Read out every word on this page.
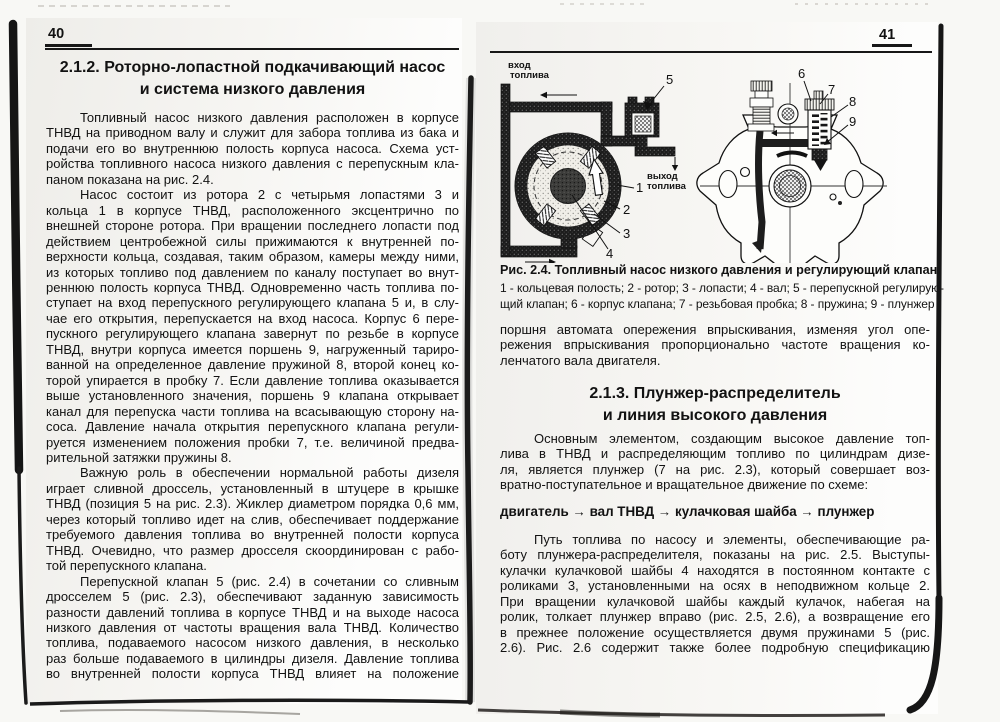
40
2.1.2. Роторно-лопастной подкачивающий насос
и система низкого давления
Топливный насос низкого давления расположен в корпусе
ТНВД на приводном валу и служит для забора топлива из бака и
подачи его во внутреннюю полость корпуса насоса. Схема уст-
ройства топливного насоса низкого давления с перепускным кла-
паном показана на рис. 2.4.
Насос состоит из ротора 2 с четырьмя лопастями 3 и
кольца 1 в корпусе ТНВД, расположенного эксцентрично по
внешней стороне ротора. При вращении последнего лопасти под
действием центробежной силы прижимаются к внутренней по-
верхности кольца, создавая, таким образом, камеры между ними,
из которых топливо под давлением по каналу поступает во внут-
реннюю полость корпуса ТНВД. Одновременно часть топлива по-
ступает на вход перепускного регулирующего клапана 5 и, в слу-
чае его открытия, перепускается на вход насоса. Корпус 6 пере-
пускного регулирующего клапана завернут по резьбе в корпусе
ТНВД, внутри корпуса имеется поршень 9, нагруженный тариро-
ванной на определенное давление пружиной 8, второй конец ко-
торой упирается в пробку 7. Если давление топлива оказывается
выше установленного значения, поршень 9 клапана открывает
канал для перепуска части топлива на всасывающую сторону на-
соса. Давление начала открытия перепускного клапана регули-
руется изменением положения пробки 7, т.е. величиной предва-
рительной затяжки пружины 8.
Важную роль в обеспечении нормальной работы дизеля
играет сливной дроссель, установленный в штуцере в крышке
ТНВД (позиция 5 на рис. 2.3). Жиклер диаметром порядка 0,6 мм,
через который топливо идет на слив, обеспечивает поддержание
требуемого давления топлива во внутренней полости корпуса
ТНВД. Очевидно, что размер дросселя скоординирован с рабо-
той перепускного клапана.
Перепускной клапан 5 (рис. 2.4) в сочетании со сливным
дросселем 5 (рис. 2.3), обеспечивают заданную зависимость
разности давлений топлива в корпусе ТНВД и на выходе насоса
низкого давления от частоты вращения вала ТНВД. Количество
топлива, подаваемого насосом низкого давления, в несколько
раз больше подаваемого в цилиндры дизеля. Давление топлива
во внутренней полости корпуса ТНВД влияет на положение
41
1
2
3
4
5
вход
топлива
выход
топлива
6
7
8
9
Рис. 2.4. Топливный насос низкого давления и регулирующий клапан:
1 - кольцевая полость; 2 - ротор; 3 - лопасти; 4 - вал; 5 - перепускной регулирую-
щий клапан; 6 - корпус клапана; 7 - резьбовая пробка; 8 - пружина; 9 - плунжер
поршня автомата опережения впрыскивания, изменяя угол опе-
режения впрыскивания пропорционально частоте вращения ко-
ленчатого вала двигателя.
2.1.3. Плунжер-распределитель
и линия высокого давления
Основным элементом, создающим высокое давление топ-
лива в ТНВД и распределяющим топливо по цилиндрам дизе-
ля, является плунжер (7 на рис. 2.3), который совершает воз-
вратно-поступательное и вращательное движение по схеме:
двигатель → вал ТНВД → кулачковая шайба → плунжер
Путь топлива по насосу и элементы, обеспечивающие ра-
боту плунжера-распределителя, показаны на рис. 2.5. Выступы-
кулачки кулачковой шайбы 4 находятся в постоянном контакте с
роликами 3, установленными на осях в неподвижном кольце 2.
При вращении кулачковой шайбы каждый кулачок, набегая на
ролик, толкает плунжер вправо (рис. 2.5, 2.6), а возвращение его
в прежнее положение осуществляется двумя пружинами 5 (рис.
2.6). Рис. 2.6 содержит также более подробную спецификацию
